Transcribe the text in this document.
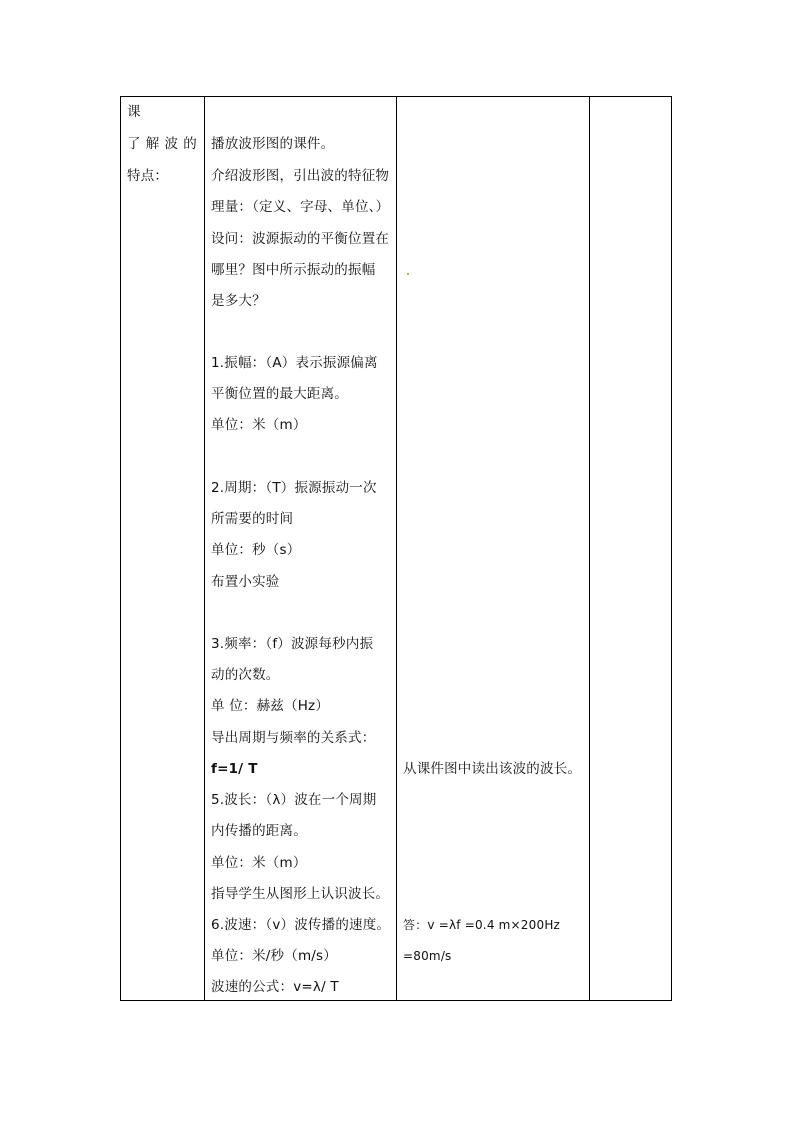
课
了 解 波 的
特点：
播放波形图的课件。
介绍波形图，引出波的特征物
理量：（定义、字母、单位、）
设问：波源振动的平衡位置在
哪里？图中所示振动的振幅
是多大？
1.振幅：（A）表示振源偏离
平衡位置的最大距离。
单位：米（m）
2.周期：（T）振源振动一次
所需要的时间
单位：秒（s）
布置小实验
3.频率：（f）波源每秒内振
动的次数。
单 位：赫兹（Hz）
导出周期与频率的关系式：
f=1/ T
5.波长：（λ）波在一个周期
内传播的距离。
单位：米（m）
指导学生从图形上认识波长。
6.波速：（v）波传播的速度。
单位：米/秒（m/s）
波速的公式：v=λ/ T
从课件图中读出该波的波长。
答：v =λf =0.4 m×200Hz
=80m/s
